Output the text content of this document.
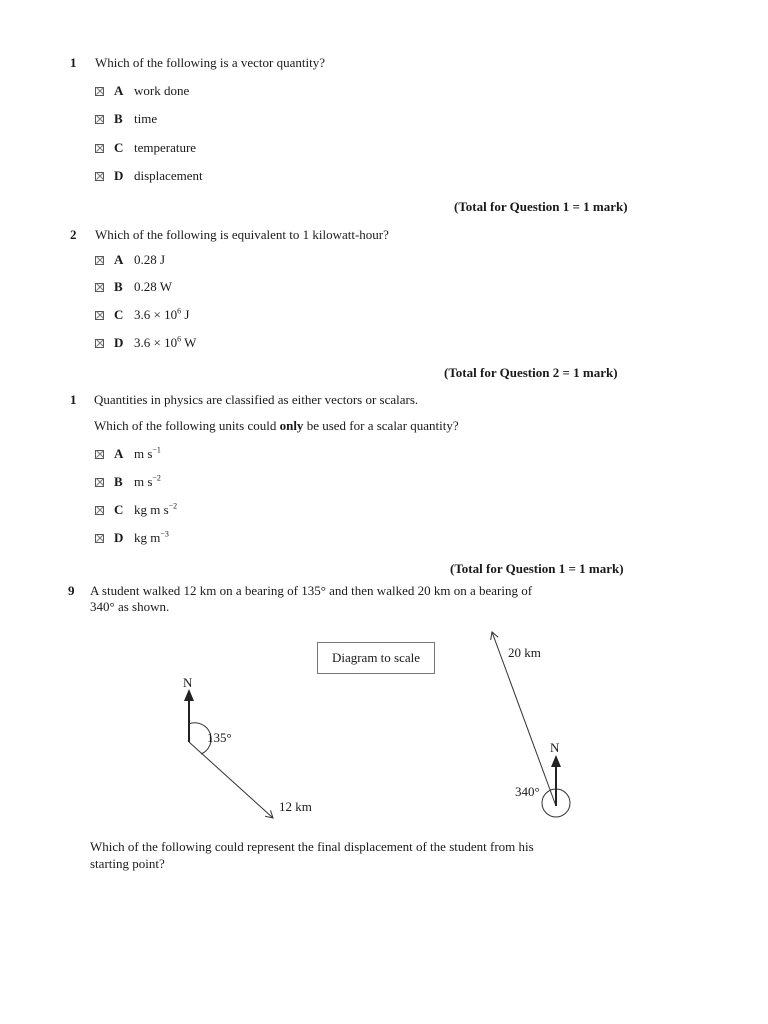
1 Which of the following is a vector quantity?
A work done
B time
C temperature
D displacement
(Total for Question 1 = 1 mark)
2 Which of the following is equivalent to 1 kilowatt-hour?
A 0.28 J
B 0.28 W
C $3.6 \times 10^6$ J
D $3.6 \times 10^6$ W
(Total for Question 2 = 1 mark)
1 Quantities in physics are classified as either vectors or scalars.
Which of the following units could only be used for a scalar quantity?
A m $s^{-1}$
B m $s^{-2}$
C kg m $s^{-2}$
D kg $m^{-3}$
(Total for Question 1 = 1 mark)
9 A student walked 12 km on a bearing of 135° and then walked 20 km on a bearing of
340° as shown.
Diagram to scale
N
135°
12 km
20 km
N
340°
Which of the following could represent the final displacement of the student from his
starting point?
